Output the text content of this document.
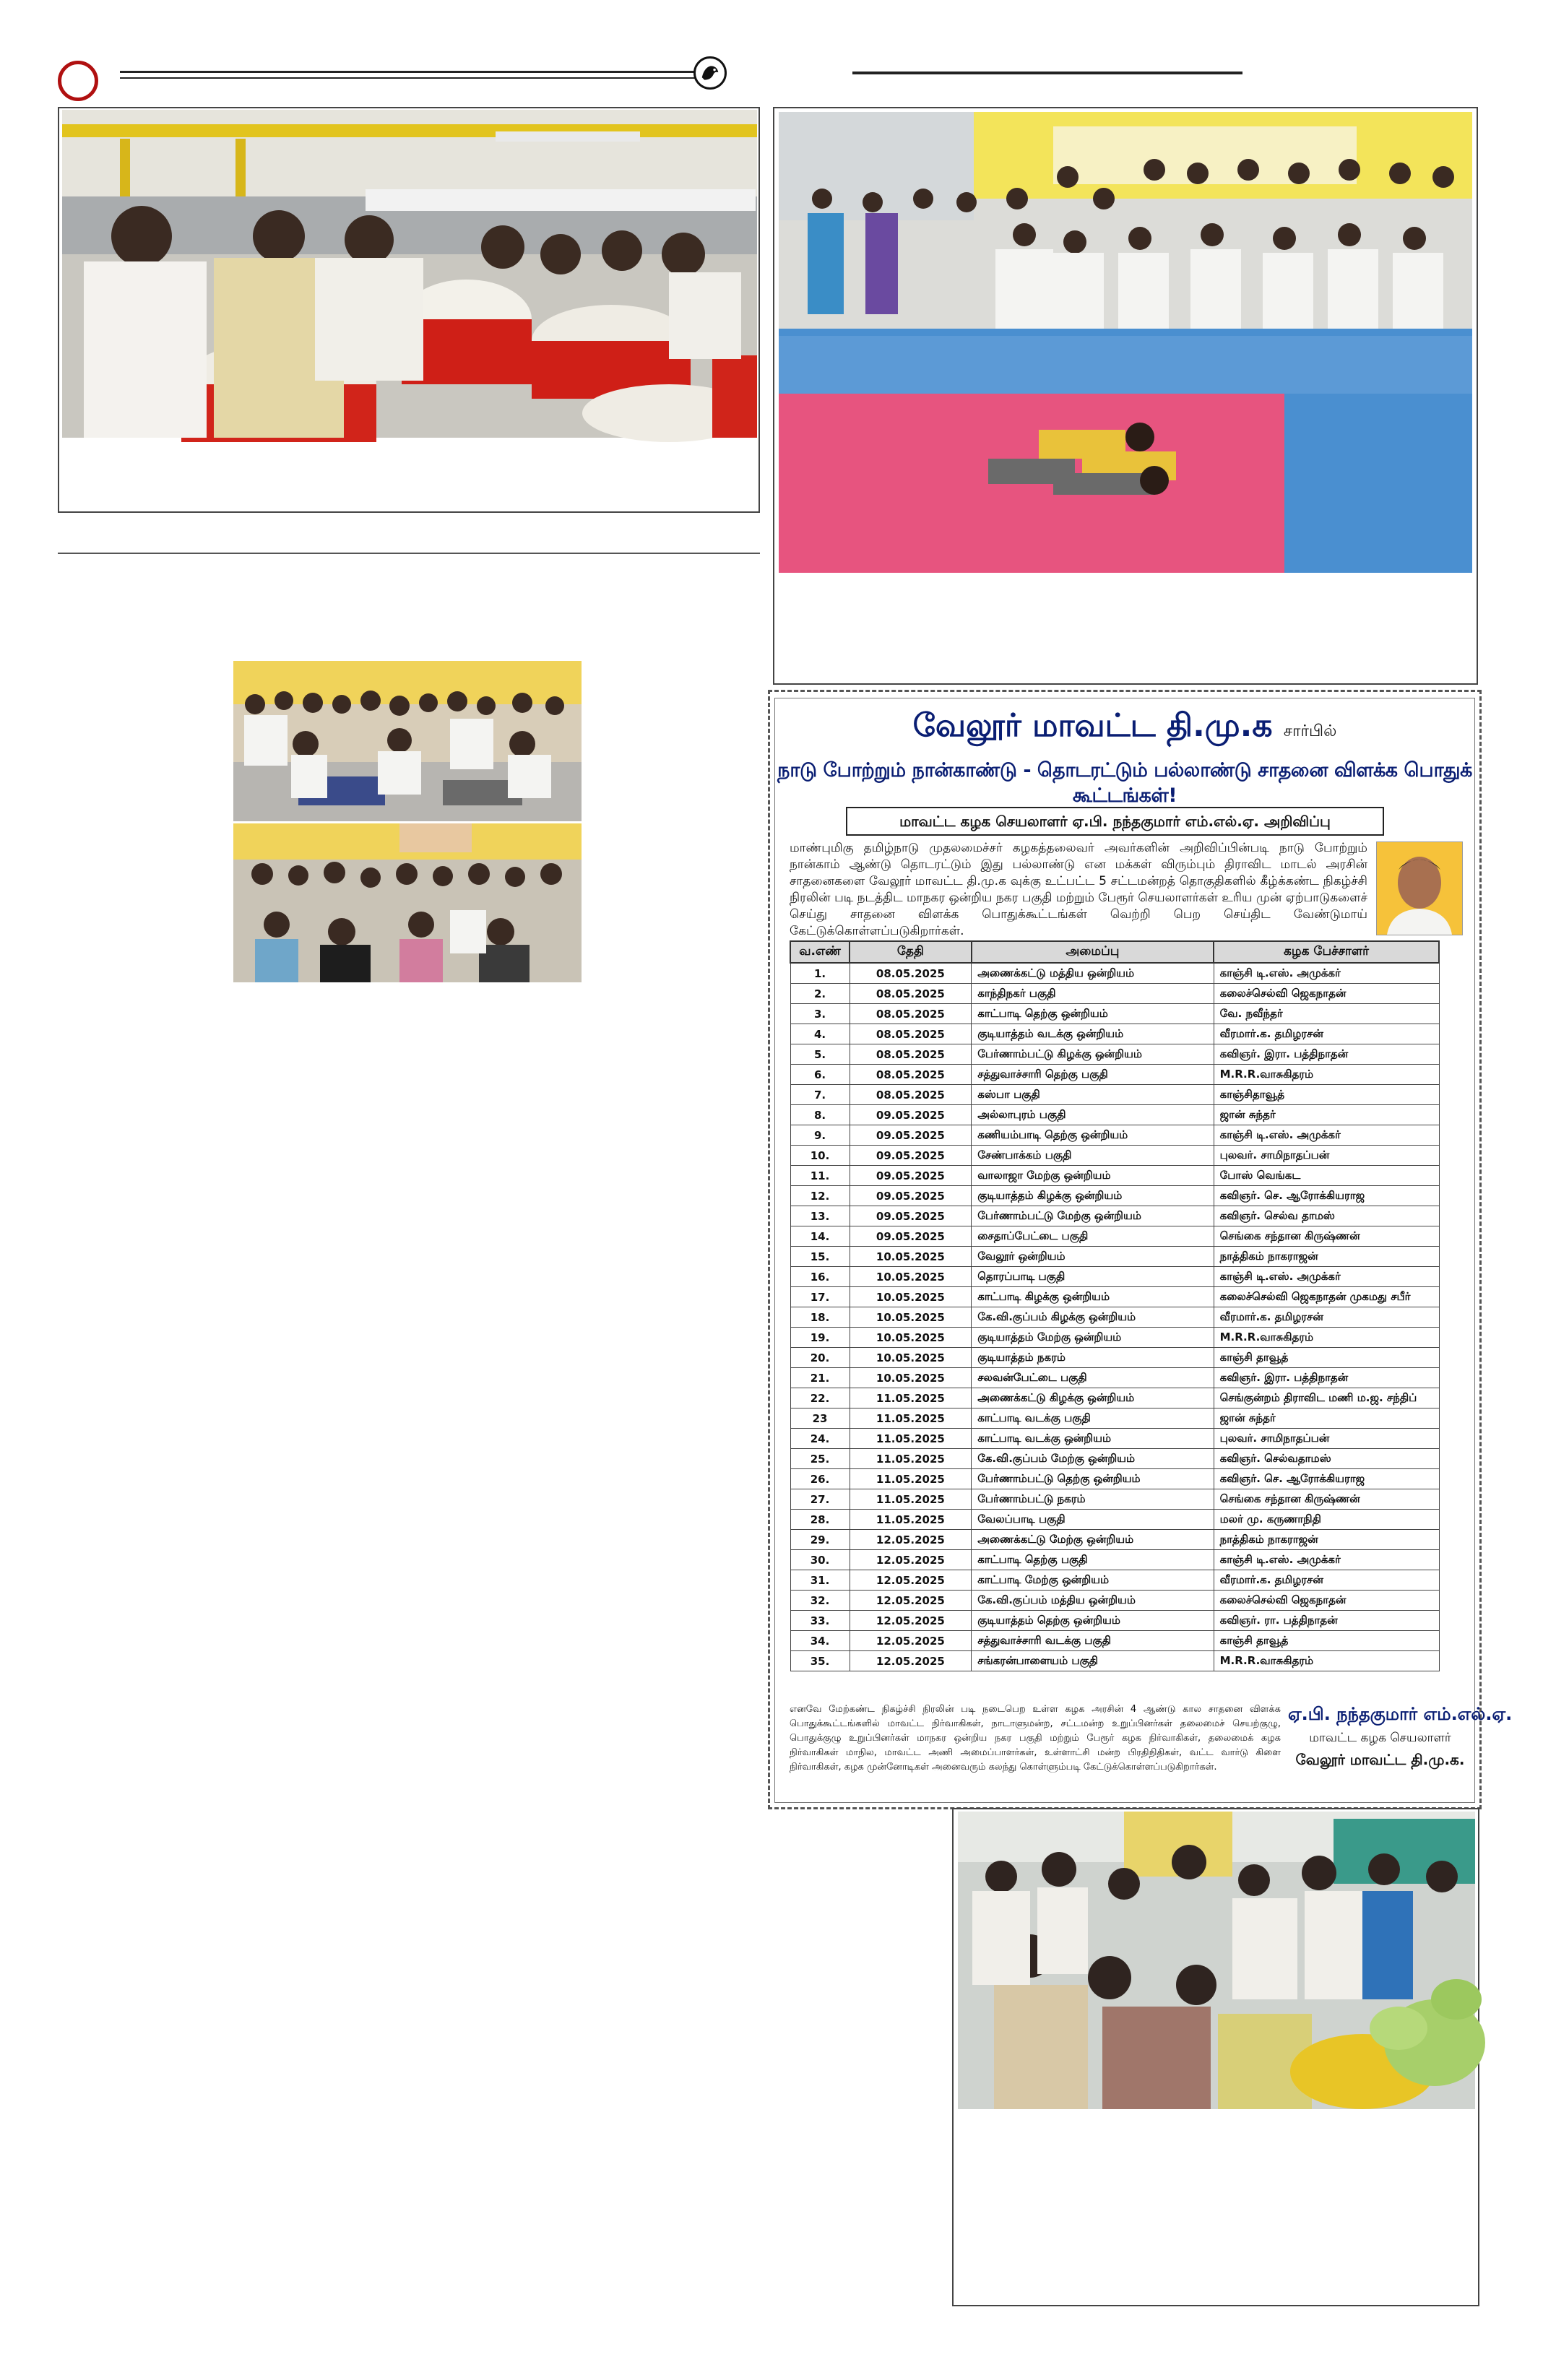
வேலூர் மாவட்ட தி.மு.க சார்பில்
நாடு போற்றும் நான்காண்டு - தொடரட்டும் பல்லாண்டு சாதனை விளக்க பொதுக் கூட்டங்கள்!
மாவட்ட கழக செயலாளர் ஏ.பி. நந்தகுமார் எம்.எல்.ஏ. அறிவிப்பு
மாண்புமிகு தமிழ்நாடு முதலமைச்சர் கழகத்தலைவர் அவர்களின் அறிவிப்பின்படி நாடு போற்றும் நான்காம் ஆண்டு தொடரட்டும் இது பல்லாண்டு என மக்கள் விரும்பும் திராவிட மாடல் அரசின் சாதனைகளை வேலூர் மாவட்ட தி.மு.க வுக்கு உட்பட்ட 5 சட்டமன்றத் தொகுதிகளில் கீழ்க்கண்ட நிகழ்ச்சி நிரலின் படி நடத்திட மாநகர ஒன்றிய நகர பகுதி மற்றும் பேரூர் செயலாளர்கள் உரிய முன் ஏற்பாடுகளைச் செய்து சாதனை விளக்க பொதுக்கூட்டங்கள் வெற்றி பெற செய்திட வேண்டுமாய் கேட்டுக்கொள்ளப்படுகிறார்கள்.
வ.எண்	தேதி	அமைப்பு	கழக பேச்சாளர்
1.	08.05.2025	அணைக்கட்டு மத்திய ஒன்றியம்	காஞ்சி டி.எஸ். அமுக்கர்
2.	08.05.2025	காந்திநகர் பகுதி	கலைச்செல்வி ஜெகநாதன்
3.	08.05.2025	காட்பாடி தெற்கு ஒன்றியம்	வே. நவீந்தர்
4.	08.05.2025	குடியாத்தம் வடக்கு ஒன்றியம்	வீரமார்.க. தமிழரசன்
5.	08.05.2025	பேர்ணாம்பட்டு கிழக்கு ஒன்றியம்	கவிஞர். இரா. பத்திநாதன்
6.	08.05.2025	சத்துவாச்சாரி தெற்கு பகுதி	M.R.R.வாசுகிதரம்
7.	08.05.2025	கஸ்பா பகுதி	காஞ்சிதாவூத்
8.	09.05.2025	அல்லாபுரம் பகுதி	ஜான் சுந்தர்
9.	09.05.2025	கணியம்பாடி தெற்கு ஒன்றியம்	காஞ்சி டி.எஸ். அமுக்கர்
10.	09.05.2025	சேண்பாக்கம் பகுதி	புலவர். சாமிநாதப்பன்
11.	09.05.2025	வாலாஜா மேற்கு ஒன்றியம்	போஸ் வெங்கட
12.	09.05.2025	குடியாத்தம் கிழக்கு ஒன்றியம்	கவிஞர். செ. ஆரோக்கியராஜ
13.	09.05.2025	பேர்ணாம்பட்டு மேற்கு ஒன்றியம்	கவிஞர். செல்வ தாமஸ்
14.	09.05.2025	சைதாப்பேட்டை பகுதி	செங்கை சந்தான கிருஷ்ணன்
15.	10.05.2025	வேலூர் ஒன்றியம்	நாத்திகம் நாகராஜன்
16.	10.05.2025	தொரப்பாடி பகுதி	காஞ்சி டி.எஸ். அமுக்கர்
17.	10.05.2025	காட்பாடி கிழக்கு ஒன்றியம்	கலைச்செல்வி ஜெகநாதன் முகமது சபீர்
18.	10.05.2025	கே.வி.குப்பம் கிழக்கு ஒன்றியம்	வீரமார்.க. தமிழரசன்
19.	10.05.2025	குடியாத்தம் மேற்கு ஒன்றியம்	M.R.R.வாசுகிதரம்
20.	10.05.2025	குடியாத்தம் நகரம்	காஞ்சி தாவூத்
21.	10.05.2025	சலவன்பேட்டை பகுதி	கவிஞர். இரா. பத்திநாதன்
22.	11.05.2025	அணைக்கட்டு கிழக்கு ஒன்றியம்	செங்குன்றம் திராவிட மணி ம.ஜ. சந்திப்
23	11.05.2025	காட்பாடி வடக்கு பகுதி	ஜான் சுந்தர்
24.	11.05.2025	காட்பாடி வடக்கு ஒன்றியம்	புலவர். சாமிநாதப்பன்
25.	11.05.2025	கே.வி.குப்பம் மேற்கு ஒன்றியம்	கவிஞர். செல்வதாமஸ்
26.	11.05.2025	பேர்ணாம்பட்டு தெற்கு ஒன்றியம்	கவிஞர். செ. ஆரோக்கியராஜ
27.	11.05.2025	பேர்ணாம்பட்டு நகரம்	செங்கை சந்தான கிருஷ்ணன்
28.	11.05.2025	வேலப்பாடி பகுதி	மலர் மு. கருணாநிதி
29.	12.05.2025	அணைக்கட்டு மேற்கு ஒன்றியம்	நாத்திகம் நாகராஜன்
30.	12.05.2025	காட்பாடி தெற்கு பகுதி	காஞ்சி டி.எஸ். அமுக்கர்
31.	12.05.2025	காட்பாடி மேற்கு ஒன்றியம்	வீரமார்.க. தமிழரசன்
32.	12.05.2025	கே.வி.குப்பம் மத்திய ஒன்றியம்	கலைச்செல்வி ஜெகநாதன்
33.	12.05.2025	குடியாத்தம் தெற்கு ஒன்றியம்	கவிஞர். ரா. பத்திநாதன்
34.	12.05.2025	சத்துவாச்சாரி வடக்கு பகுதி	காஞ்சி தாவூத்
35.	12.05.2025	சங்கரன்பாளையம் பகுதி	M.R.R.வாசுகிதரம்
எனவே மேற்கண்ட நிகழ்ச்சி நிரலின் படி நடைபெற உள்ள கழக அரசின் 4 ஆண்டு கால சாதனை விளக்க பொதுக்கூட்டங்களில் மாவட்ட நிர்வாகிகள், நாடாளுமன்ற, சட்டமன்ற உறுப்பினர்கள் தலைமைச் செயற்குழு, பொதுக்குழு உறுப்பினர்கள் மாநகர ஒன்றிய நகர பகுதி மற்றும் பேரூர் கழக நிர்வாகிகள், தலைமைக் கழக நிர்வாகிகள் மாநில, மாவட்ட அணி அமைப்பாளர்கள், உள்ளாட்சி மன்ற பிரதிநிதிகள், வட்ட வார்டு கிளை நிர்வாகிகள், கழக முன்னோடிகள் அனைவரும் கலந்து கொள்ளும்படி கேட்டுக்கொள்ளப்படுகிறார்கள்.
ஏ.பி. நந்தகுமார் எம்.எல்.ஏ.
மாவட்ட கழக செயலாளர்
வேலூர் மாவட்ட தி.மு.க.
